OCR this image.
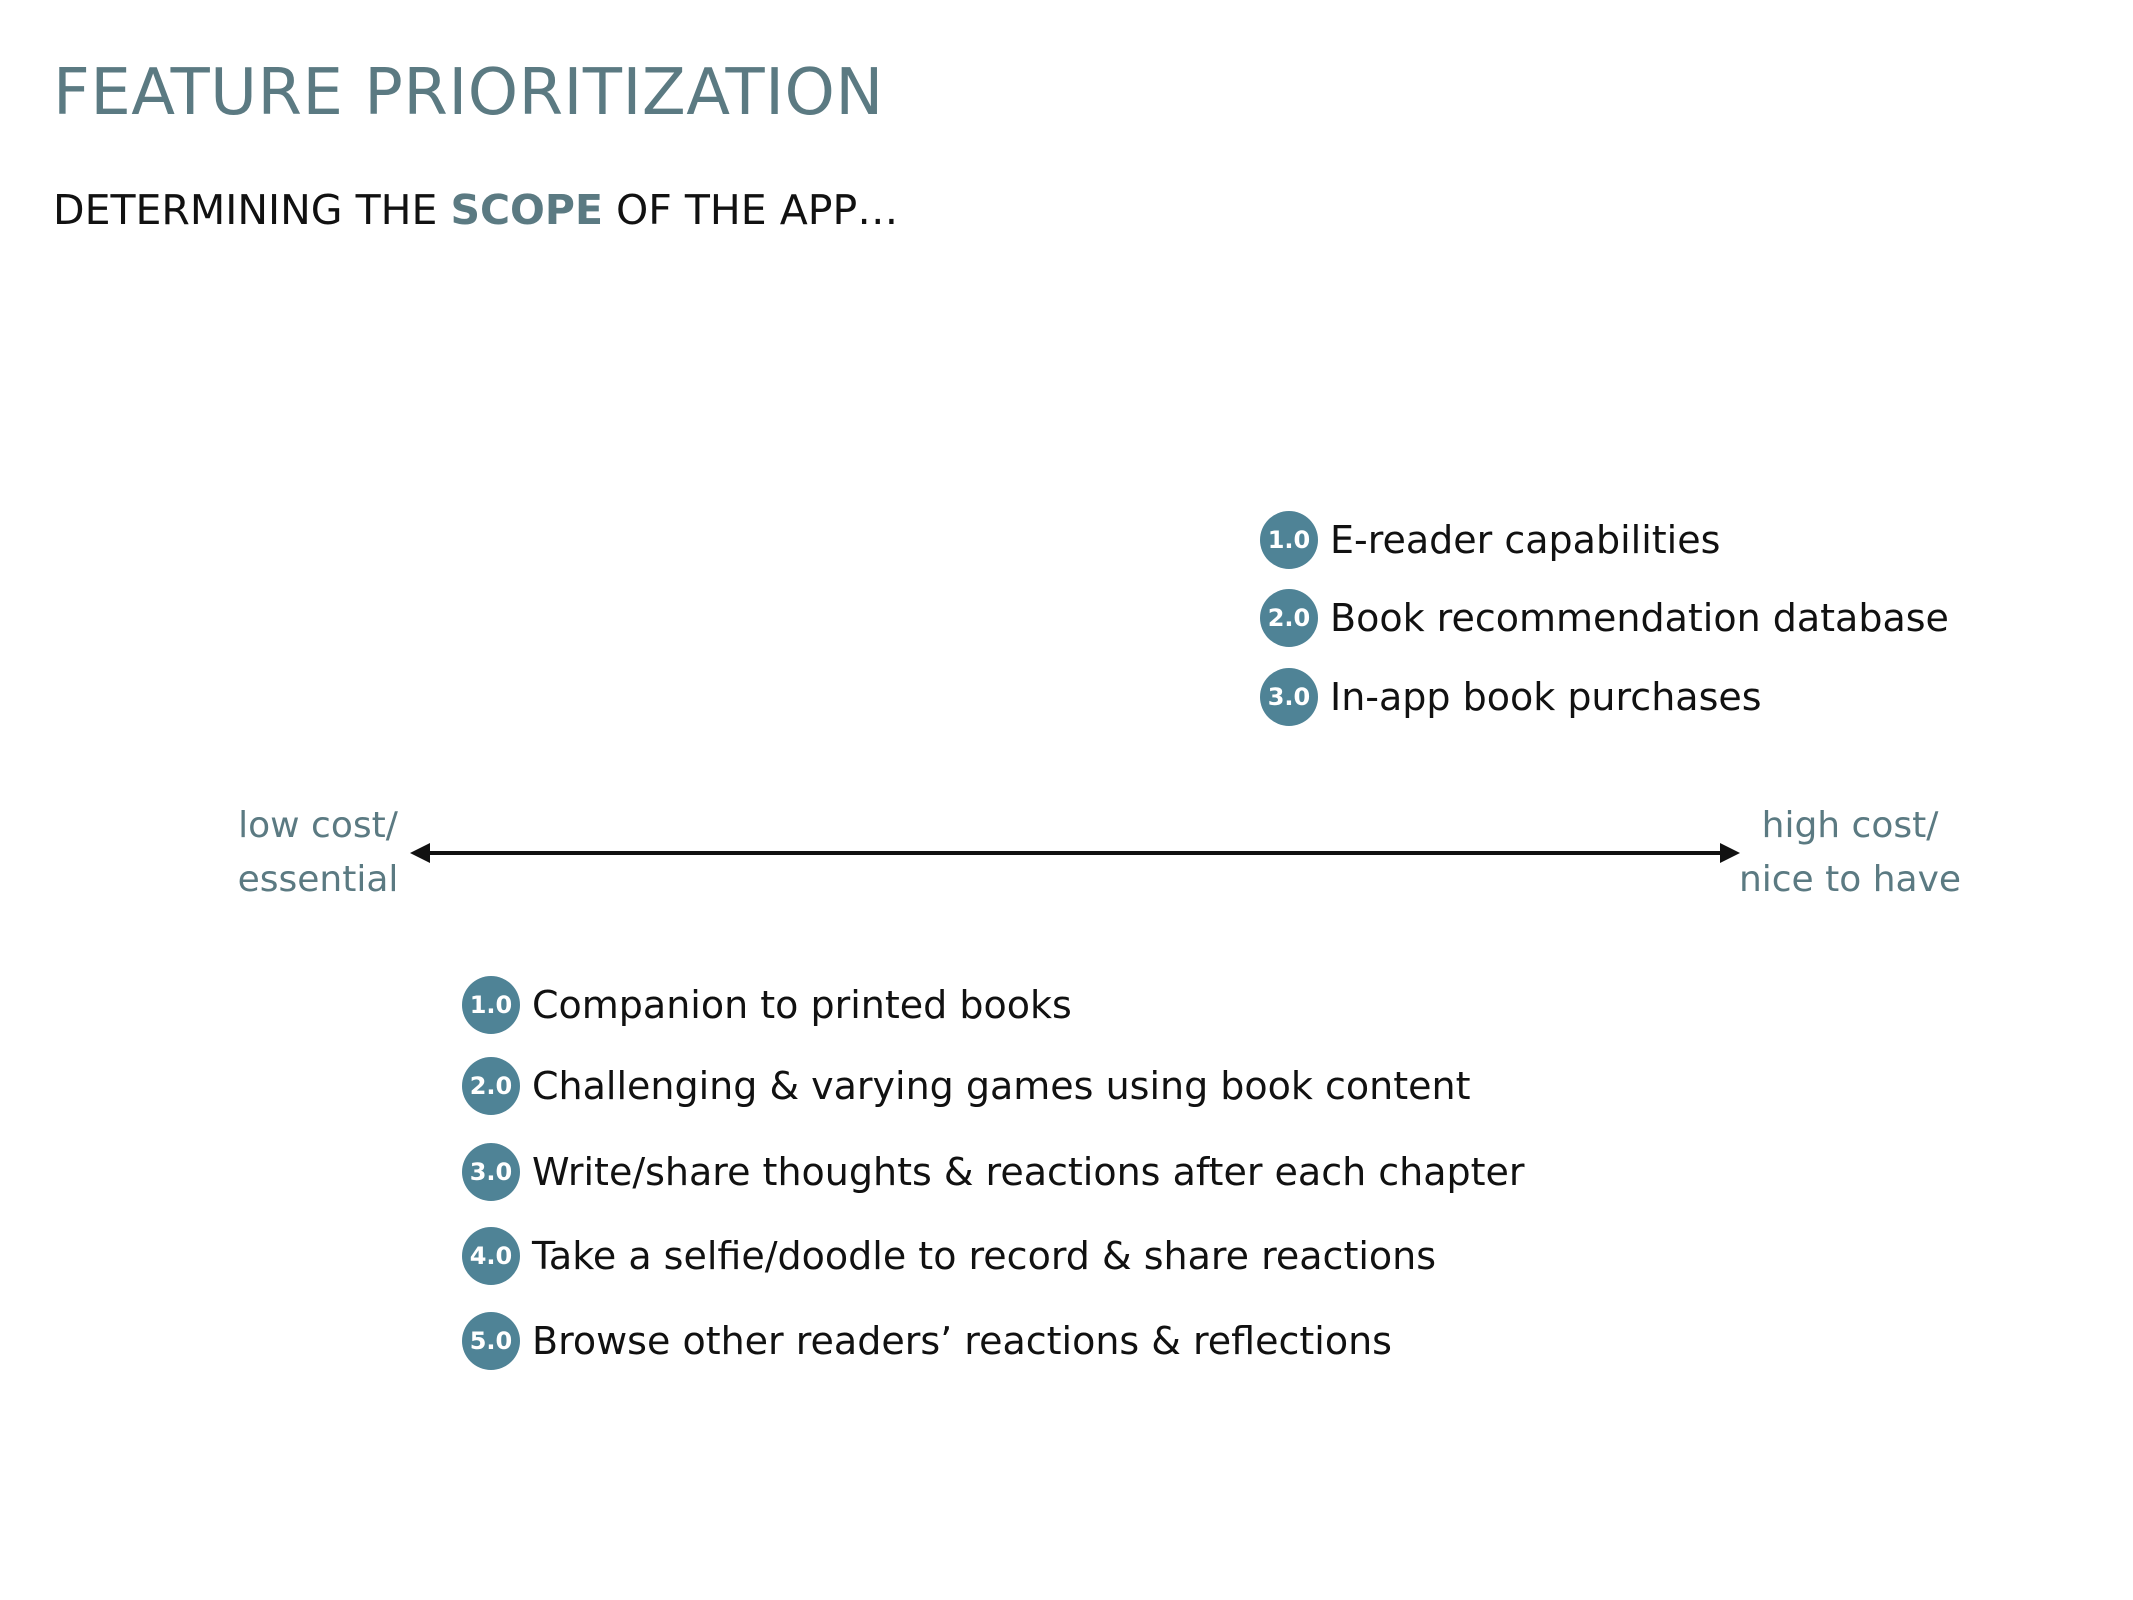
FEATURE PRIORITIZATION

DETERMINING THE SCOPE OF THE APP…

1.0 E-reader capabilities
2.0 Book recommendation database
3.0 In-app book purchases
low cost/
essential
high cost/
nice to have
1.0 Companion to printed books
2.0 Challenging & varying games using book content
3.0 Write/share thoughts & reactions after each chapter
4.0 Take a selfie/doodle to record & share reactions
5.0 Browse other readers’ reactions & reflections
